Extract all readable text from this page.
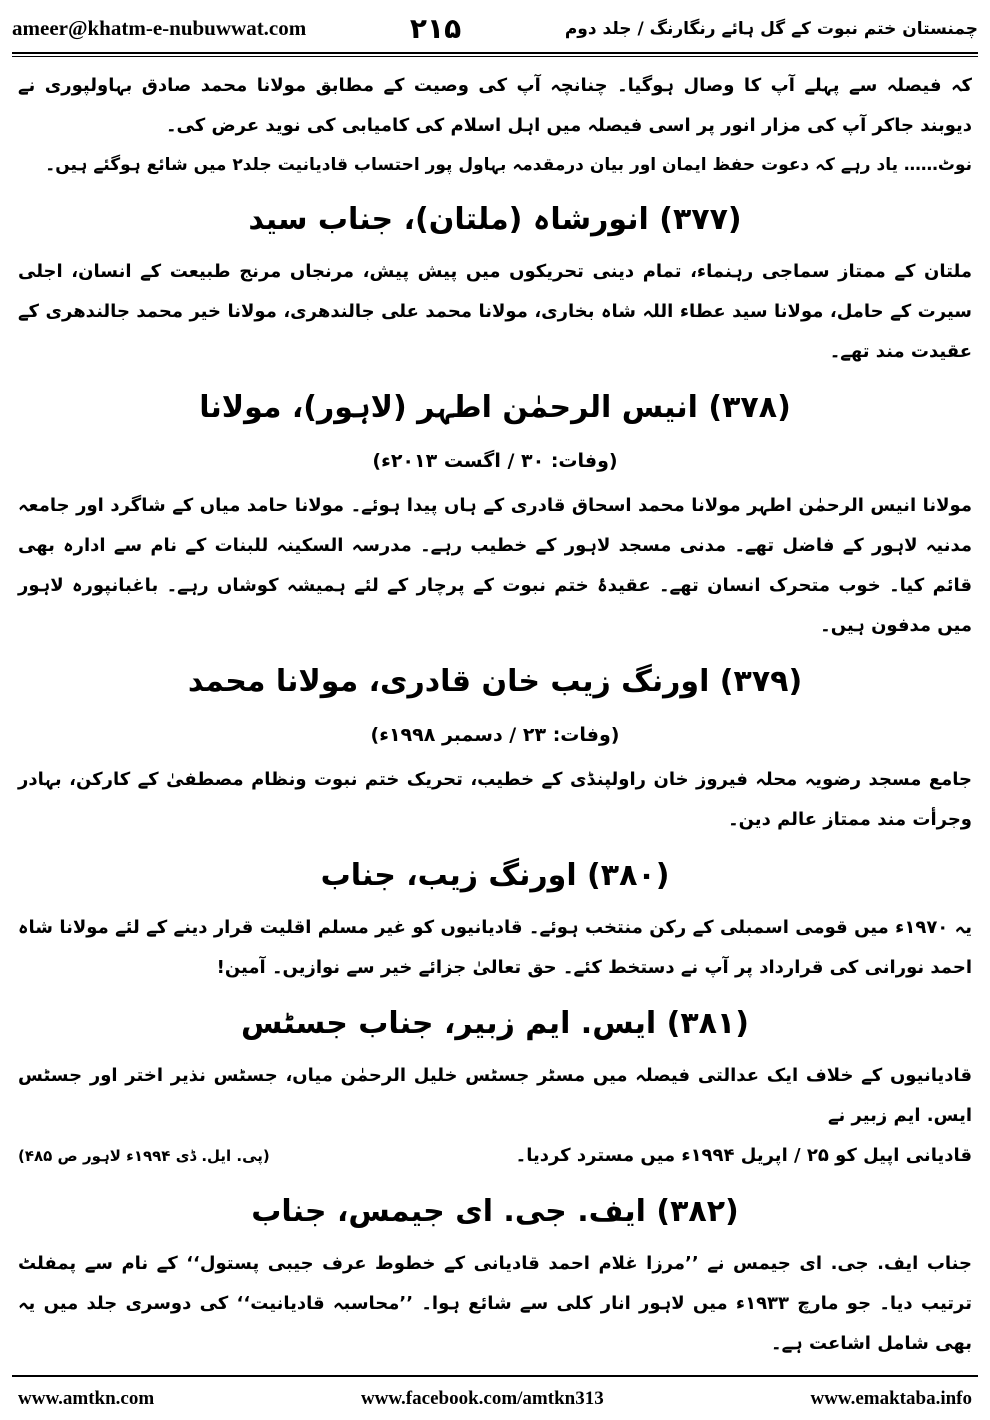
ameer@khatm-e-nubuwwat.com	۲۱۵	چمنستان ختم نبوت کے گل ہائے رنگارنگ / جلد دوم

کہ فیصلہ سے پہلے آپ کا وصال ہوگیا۔ چنانچہ آپ کی وصیت کے مطابق مولانا محمد صادق بہاولپوری نے دیوبند جاکر آپ کی مزار انور پر اسی فیصلہ میں اہل اسلام کی کامیابی کی نوید عرض کی۔

نوٹ…… یاد رہے کہ دعوت حفظ ایمان اور بیان درمقدمہ بہاول پور احتساب قادیانیت جلد۲ میں شائع ہوگئے ہیں۔

(۳۷۷) انورشاہ (ملتان)، جناب سید

ملتان کے ممتاز سماجی رہنماء، تمام دینی تحریکوں میں پیش پیش، مرنجاں مرنج طبیعت کے انسان، اجلی سیرت کے حامل، مولانا سید عطاء اللہ شاہ بخاری، مولانا محمد علی جالندھری، مولانا خیر محمد جالندھری کے عقیدت مند تھے۔

(۳۷۸) انیس الرحمٰن اطہر (لاہور)، مولانا
(وفات: ۳۰ / اگست ۲۰۱۳ء)

مولانا انیس الرحمٰن اطہر مولانا محمد اسحاق قادری کے ہاں پیدا ہوئے۔ مولانا حامد میاں کے شاگرد اور جامعہ مدنیہ لاہور کے فاضل تھے۔ مدنی مسجد لاہور کے خطیب رہے۔ مدرسہ السکینہ للبنات کے نام سے ادارہ بھی قائم کیا۔ خوب متحرک انسان تھے۔ عقیدۂ ختم نبوت کے پرچار کے لئے ہمیشہ کوشاں رہے۔ باغبانپورہ لاہور میں مدفون ہیں۔

(۳۷۹) اورنگ زیب خان قادری، مولانا محمد
(وفات: ۲۳ / دسمبر ۱۹۹۸ء)

جامع مسجد رضویہ محلہ فیروز خان راولپنڈی کے خطیب، تحریک ختم نبوت ونظام مصطفیٰ کے کارکن، بہادر وجرأت مند ممتاز عالم دین۔

(۳۸۰) اورنگ زیب، جناب

یہ ۱۹۷۰ء میں قومی اسمبلی کے رکن منتخب ہوئے۔ قادیانیوں کو غیر مسلم اقلیت قرار دینے کے لئے مولانا شاہ احمد نورانی کی قرارداد پر آپ نے دستخط کئے۔ حق تعالیٰ جزائے خیر سے نوازیں۔ آمین!

(۳۸۱) ایس. ایم زبیر، جناب جسٹس

قادیانیوں کے خلاف ایک عدالتی فیصلہ میں مسٹر جسٹس خلیل الرحمٰن میاں، جسٹس نذیر اختر اور جسٹس ایس. ایم زبیر نے

قادیانی اپیل کو ۲۵ / اپریل ۱۹۹۴ء میں مسترد کردیا۔
(پی. ایل. ڈی ۱۹۹۴ء لاہور ص ۴۸۵)
(۳۸۲) ایف. جی. ای جیمس، جناب

جناب ایف. جی. ای جیمس نے ’’مرزا غلام احمد قادیانی کے خطوط عرف جیبی پستول‘‘ کے نام سے پمفلٹ ترتیب دیا۔ جو مارچ ۱۹۳۳ء میں لاہور انار کلی سے شائع ہوا۔ ’’محاسبہ قادیانیت‘‘ کی دوسری جلد میں یہ بھی شامل اشاعت ہے۔

www.amtkn.com	www.facebook.com/amtkn313	www.emaktaba.info
